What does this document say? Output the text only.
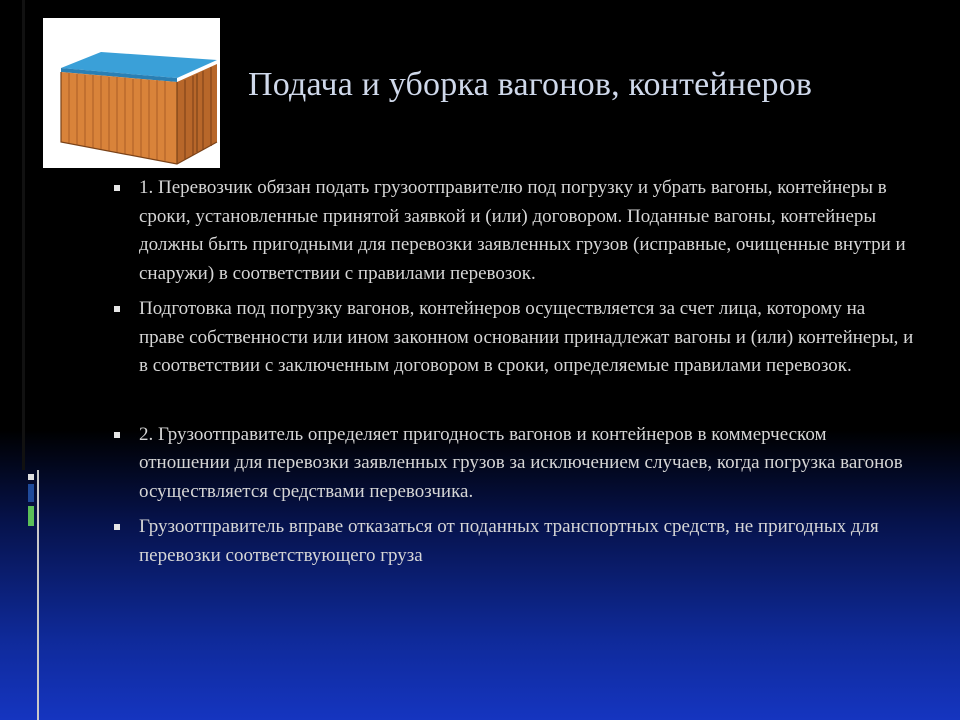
Подача и уборка вагонов, контейнеров
1. Перевозчик обязан подать грузоотправителю под погрузку и убрать вагоны, контейнеры в сроки, установленные принятой заявкой и (или) договором. Поданные вагоны, контейнеры должны быть пригодными для перевозки заявленных грузов (исправные, очищенные внутри и снаружи) в соответствии с правилами перевозок.
Подготовка под погрузку вагонов, контейнеров осуществляется за счет лица, которому на праве собственности или ином законном основании принадлежат вагоны и (или) контейнеры, и в соответствии с заключенным договором в сроки, определяемые правилами перевозок.
2. Грузоотправитель определяет пригодность вагонов и контейнеров в коммерческом отношении для перевозки заявленных грузов за исключением случаев, когда погрузка вагонов осуществляется средствами перевозчика.
Грузоотправитель вправе отказаться от поданных транспортных средств, не пригодных для перевозки соответствующего груза
